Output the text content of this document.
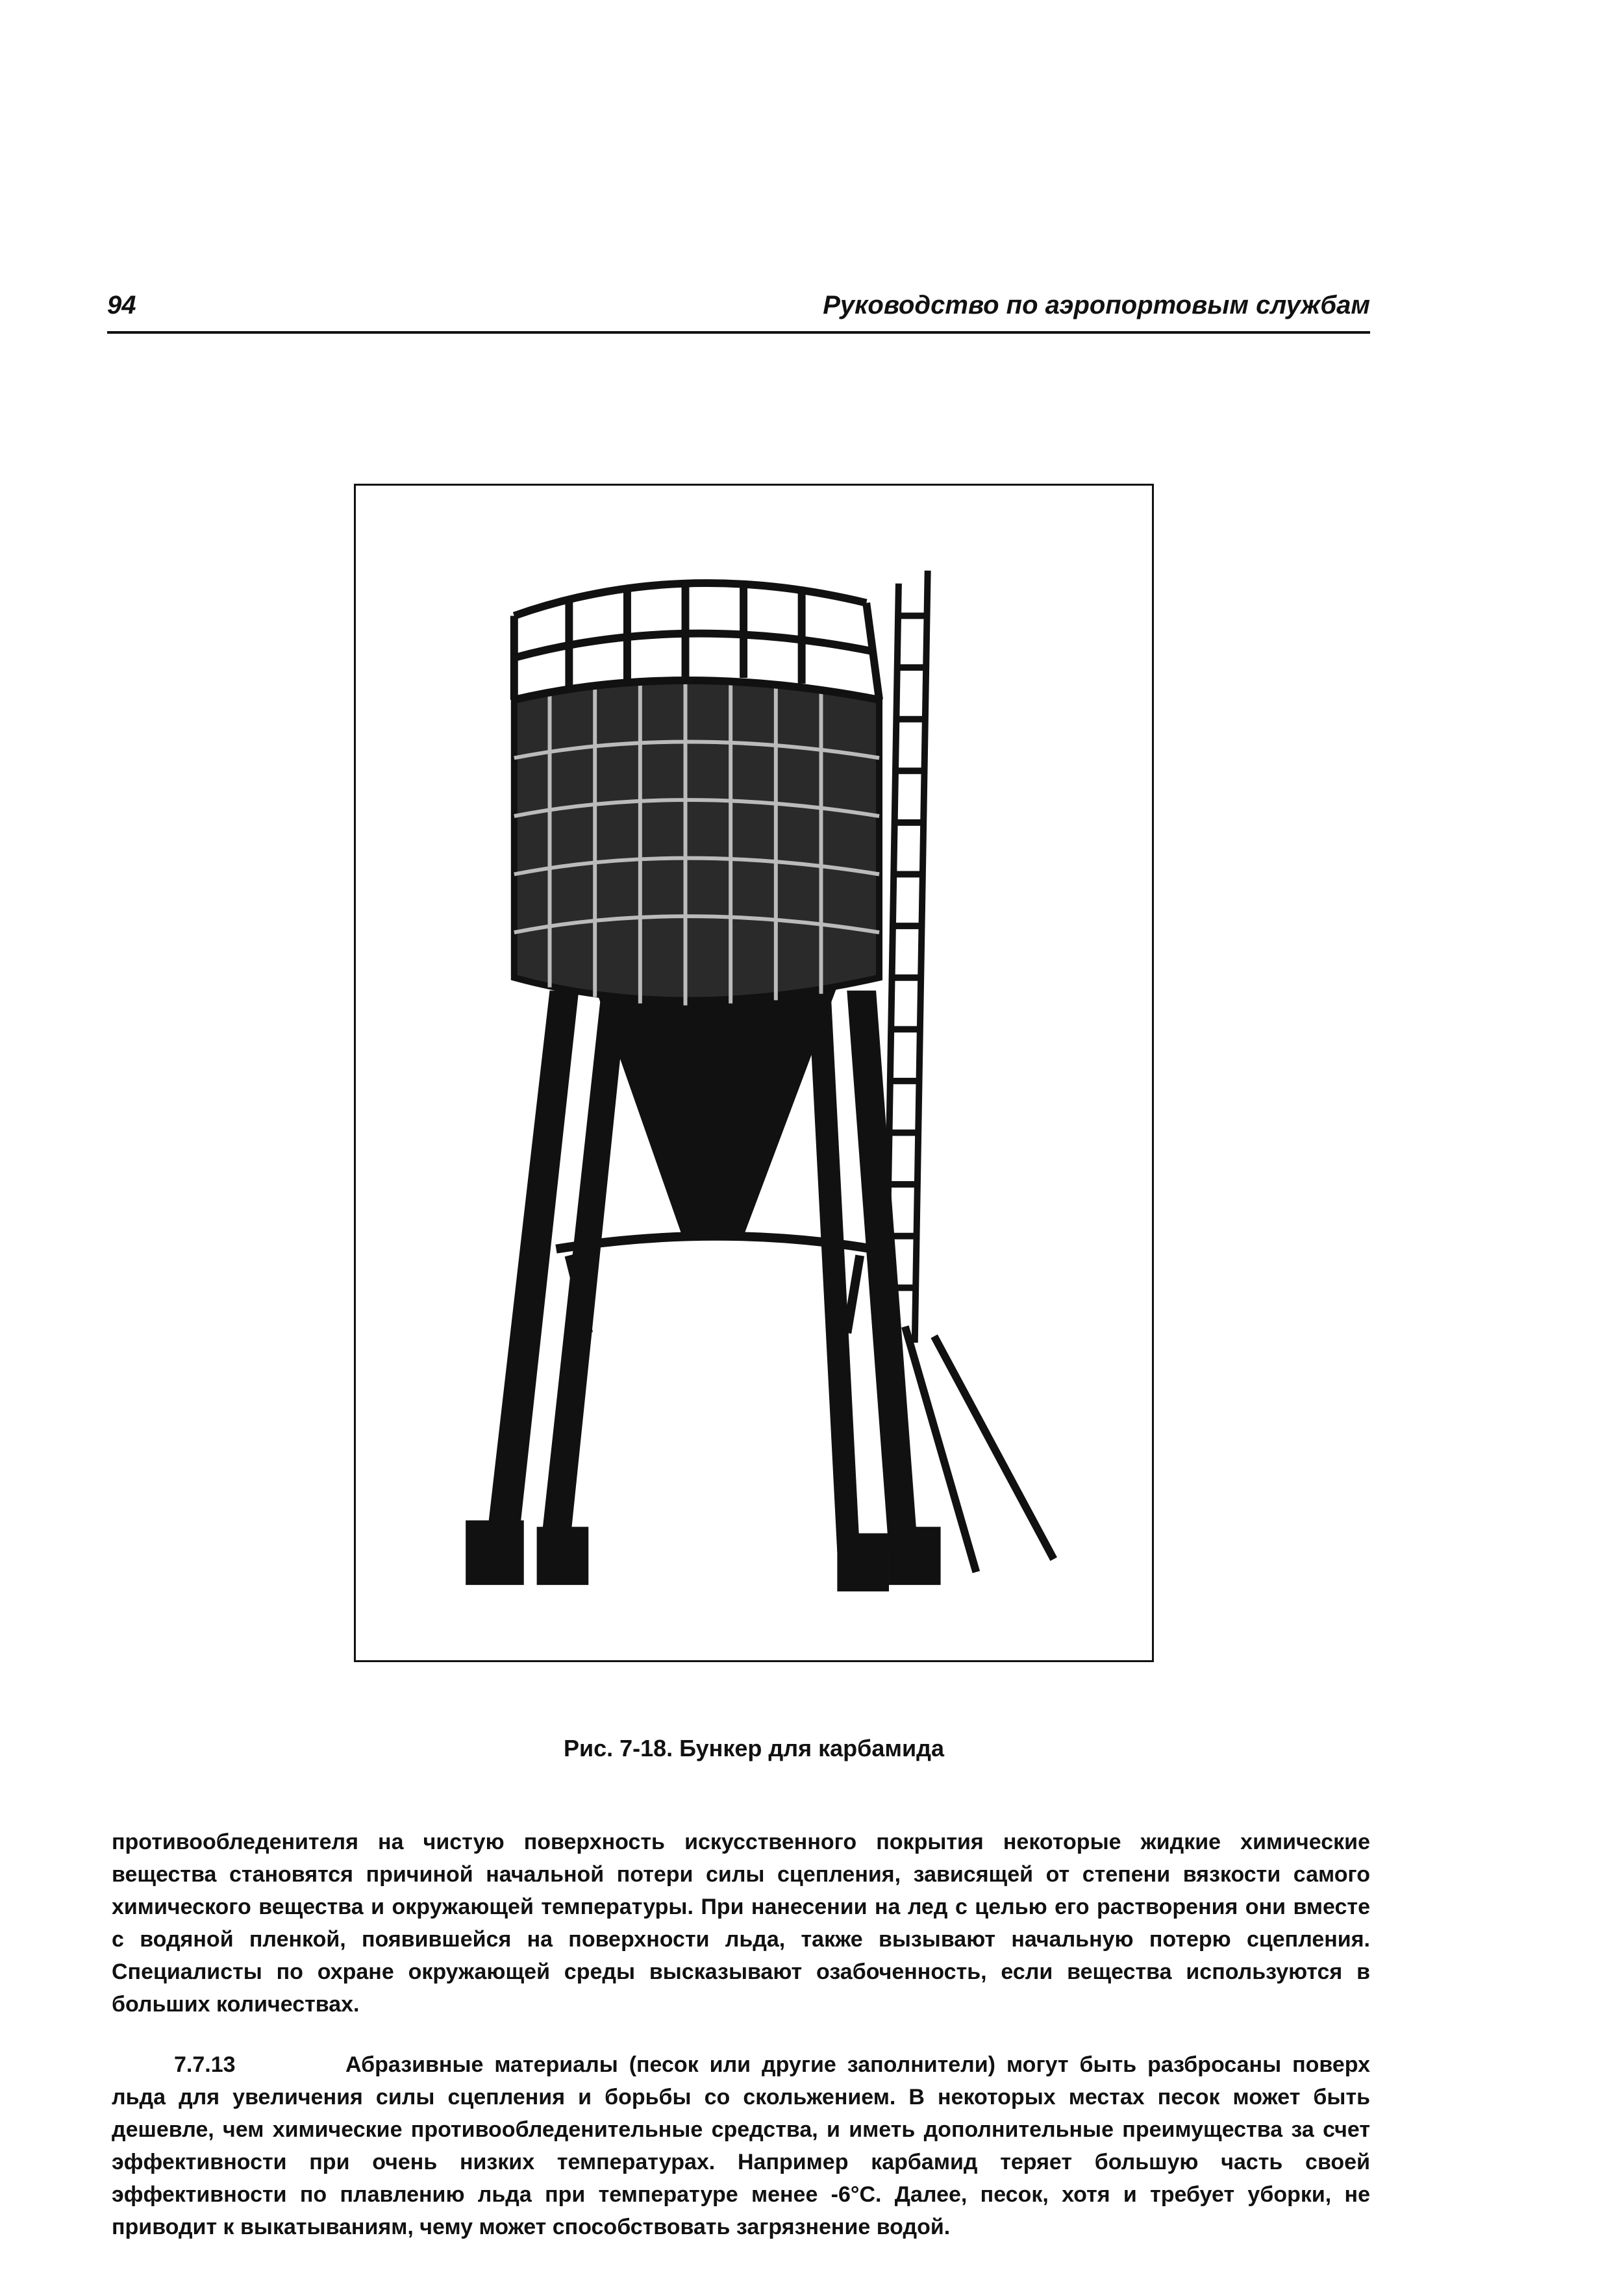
94	Руководство по аэропортовым службам
Рис. 7-18. Бункер для карбамида

противообледенителя на чистую поверхность искусственного покрытия некоторые жидкие химические вещества становятся причиной начальной потери силы сцепления, зависящей от степени вязкости самого химического вещества и окружающей температуры. При нанесении на лед с целью его растворения они вместе с водяной пленкой, появившейся на поверхности льда, также вызывают начальную потерю сцепления. Специалисты по охране окружающей среды высказывают озабоченность, если вещества используются в больших количествах.

7.7.13	Абразивные материалы (песок или другие заполнители) могут быть разбросаны поверх льда для увеличения силы сцепления и борьбы со скольжением. В некоторых местах песок может быть дешевле, чем химические противообледенительные средства, и иметь дополнительные преимущества за счет эффективности при очень низких температурах. Например карбамид теряет большую часть своей эффективности по плавлению льда при температуре менее -6°С. Далее, песок, хотя и требует уборки, не приводит к выкатываниям, чему может способствовать загрязнение водой.
